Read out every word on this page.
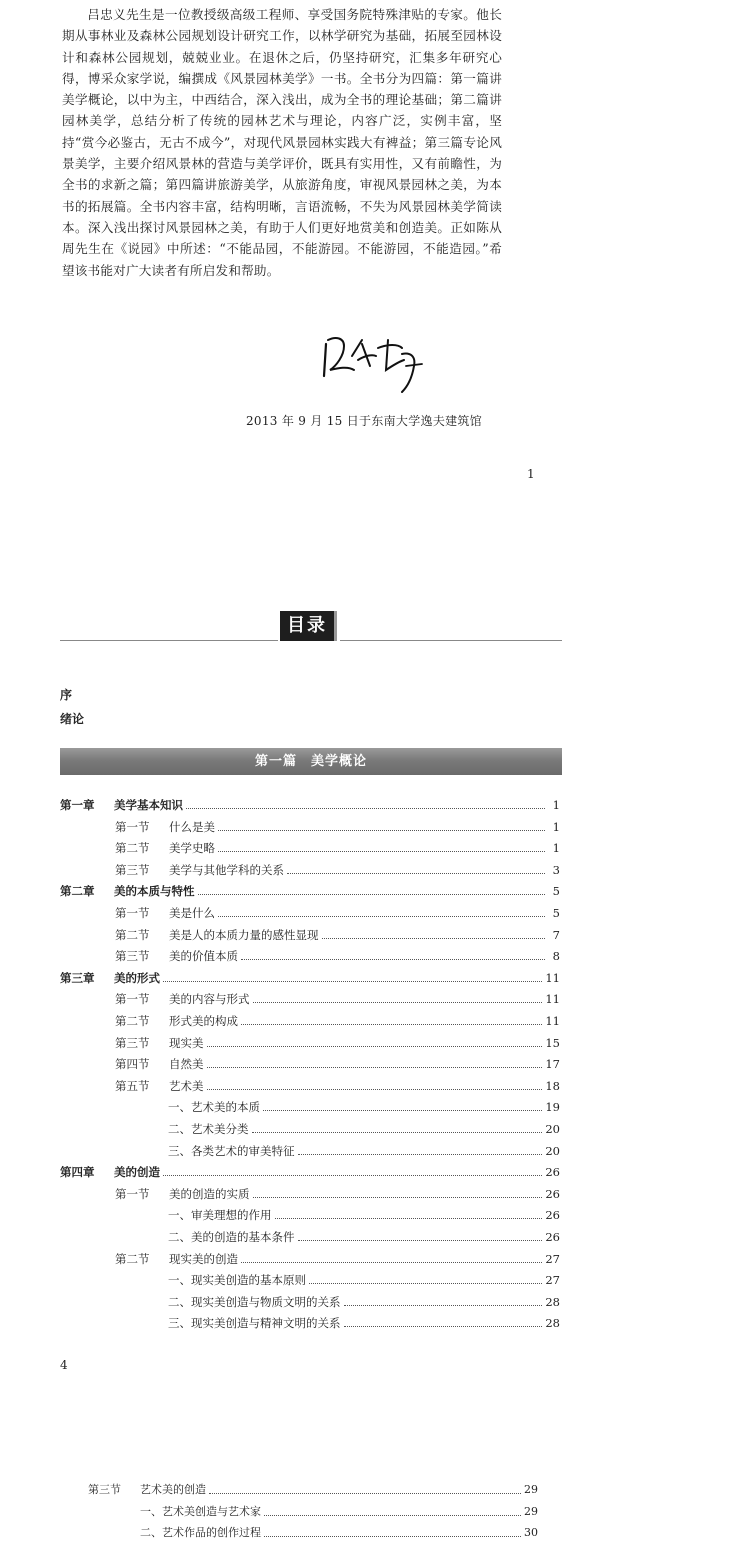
吕忠义先生是一位教授级高级工程师、享受国务院特殊津贴的专家。他长期从事林业及森林公园规划设计研究工作，以林学研究为基础，拓展至园林设计和森林公园规划，兢兢业业。在退休之后，仍坚持研究，汇集多年研究心得，博采众家学说，编撰成《风景园林美学》一书。全书分为四篇：第一篇讲美学概论，以中为主，中西结合，深入浅出，成为全书的理论基础；第二篇讲园林美学，总结分析了传统的园林艺术与理论，内容广泛，实例丰富，坚持“赏今必鉴古，无古不成今”，对现代风景园林实践大有裨益；第三篇专论风景美学，主要介绍风景林的营造与美学评价，既具有实用性，又有前瞻性，为全书的求新之篇；第四篇讲旅游美学，从旅游角度，审视风景园林之美，为本书的拓展篇。全书内容丰富，结构明晰，言语流畅，不失为风景园林美学简读本。深入浅出探讨风景园林之美，有助于人们更好地赏美和创造美。正如陈从周先生在《说园》中所述：“不能品园，不能游园。不能游园，不能造园。”希望该书能对广大读者有所启发和帮助。

2013 年 9 月 15 日于东南大学逸夫建筑馆
1
目录
序
绪论
第一篇　美学概论
第一章 美学基本知识	1
第一节 什么是美	1
第二节 美学史略	1
第三节 美学与其他学科的关系	3
第二章 美的本质与特性	5
第一节 美是什么	5
第二节 美是人的本质力量的感性显现	7
第三节 美的价值本质	8
第三章 美的形式	11
第一节 美的内容与形式	11
第二节 形式美的构成	11
第三节 现实美	15
第四节 自然美	17
第五节 艺术美	18
一、艺术美的本质	19
二、艺术美分类	20
三、各类艺术的审美特征	20
第四章 美的创造	26
第一节 美的创造的实质	26
一、审美理想的作用	26
二、美的创造的基本条件	26
第二节 现实美的创造	27
一、现实美创造的基本原则	27
二、现实美创造与物质文明的关系	28
三、现实美创造与精神文明的关系	28
4
第三节 艺术美的创造	29
一、艺术美创造与艺术家	29
二、艺术作品的创作过程	30
